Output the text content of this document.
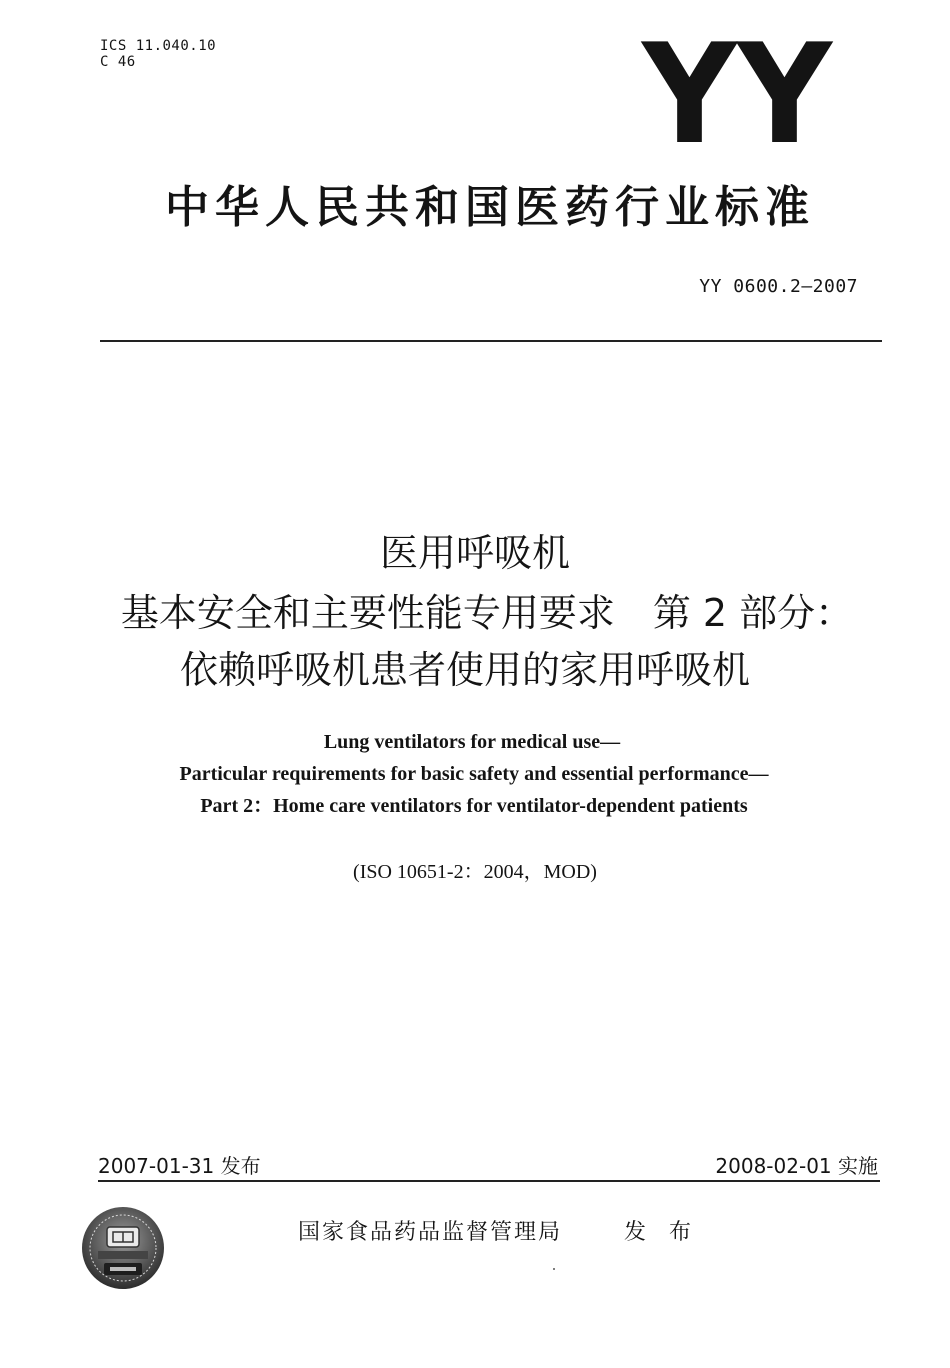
ICS 11.040.10
C 46	YY
中华人民共和国医药行业标准
YY 0600.2—2007
医用呼吸机
基本安全和主要性能专用要求　第 2 部分：
依赖呼吸机患者使用的家用呼吸机
Lung ventilators for medical use—
Particular requirements for basic safety and essential performance—
Part 2：Home care ventilators for ventilator-dependent patients
(ISO 10651-2：2004，MOD)
2007-01-31 发布	2008-02-01 实施
国家食品药品监督管理局	发 布
